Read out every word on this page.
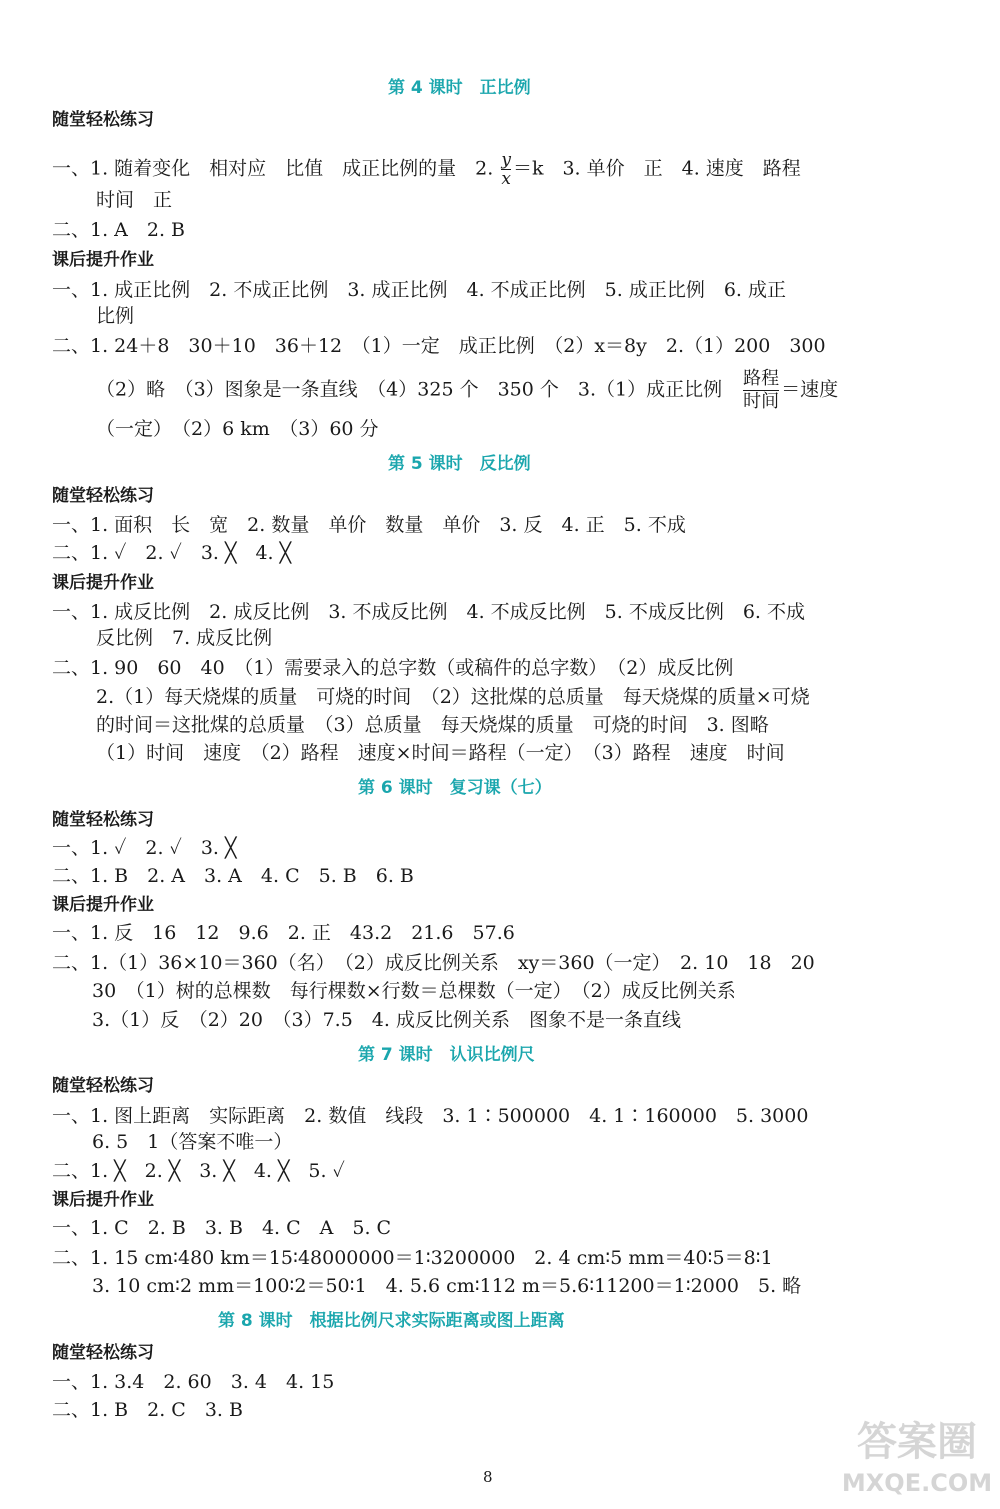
第 4 课时　正比例
随堂轻松练习
一、1. 随着变化　相对应　比值　成正比例的量　2. $\frac{y}{x} =k$　3. 单价　正　4. 速度　路程
时间　正
二、1. A　2. B
课后提升作业
一、1. 成正比例　2. 不成正比例　3. 成正比例　4. 不成正比例　5. 成正比例　6. 成正
比例
二、1. 24＋8　30＋10　36＋12　（1）一定　成正比例　（2）x＝8y　2.（1）200　300
（2）略　（3）图象是一条直线　（4）325 个　350 个　3.（1）成正比例　 $\frac{\text{路程}}{\text{时间}}$ ＝速度
（一定）　（2）6 km　（3）60 分
第 5 课时　反比例
随堂轻松练习
一、1. 面积　长　宽　2. 数量　单价　数量　单价　3. 反　4. 正　5. 不成
二、1. ✓　2. ✓　3. ╳　4. ╳
课后提升作业
一、1. 成反比例　2. 成反比例　3. 不成反比例　4. 不成反比例　5. 不成反比例　6. 不成
反比例　7. 成反比例
二、1. 90　60　40　（1）需要录入的总字数（或稿件的总字数）　（2）成反比例
2.（1）每天烧煤的质量　可烧的时间　（2）这批煤的总质量　每天烧煤的质量×可烧
的时间＝这批煤的总质量　（3）总质量　每天烧煤的质量　可烧的时间　3. 图略
（1）时间　速度　（2）路程　速度×时间＝路程（一定）　（3）路程　速度　时间
第 6 课时　复习课（七）
随堂轻松练习
一、1. ✓　2. ✓　3. ╳
二、1. B　2. A　3. A　4. C　5. B　6. B
课后提升作业
一、1. 反　16　12　9.6　2. 正　43.2　21.6　57.6
二、1.（1）36×10＝360（名）　（2）成反比例关系　xy＝360（一定）　2. 10　18　20
30　（1）树的总棵数　每行棵数×行数＝总棵数（一定）　（2）成反比例关系
3.（1）反　（2）20　（3）7.5　4. 成反比例关系　图象不是一条直线
第 7 课时　认识比例尺
随堂轻松练习
一、1. 图上距离　实际距离　2. 数值　线段　3. 1∶500000　4. 1∶160000　5. 3000
6. 5　1（答案不唯一）
二、1. ╳　2. ╳　3. ╳　4. ╳　5. ✓
课后提升作业
一、1. C　2. B　3. B　4. C　A　5. C
二、1. 15 cm∶480 km＝15∶48000000＝1∶3200000　2. 4 cm∶5 mm＝40∶5＝8∶1
3. 10 cm∶2 mm＝100∶2＝50∶1　4. 5.6 cm∶112 m＝5.6∶11200＝1∶2000　5. 略
第 8 课时　根据比例尺求实际距离或图上距离
随堂轻松练习
一、1. 3.4　2. 60　3. 4　4. 15
二、1. B　2. C　3. B
8
答案圈
MXQE.COM
